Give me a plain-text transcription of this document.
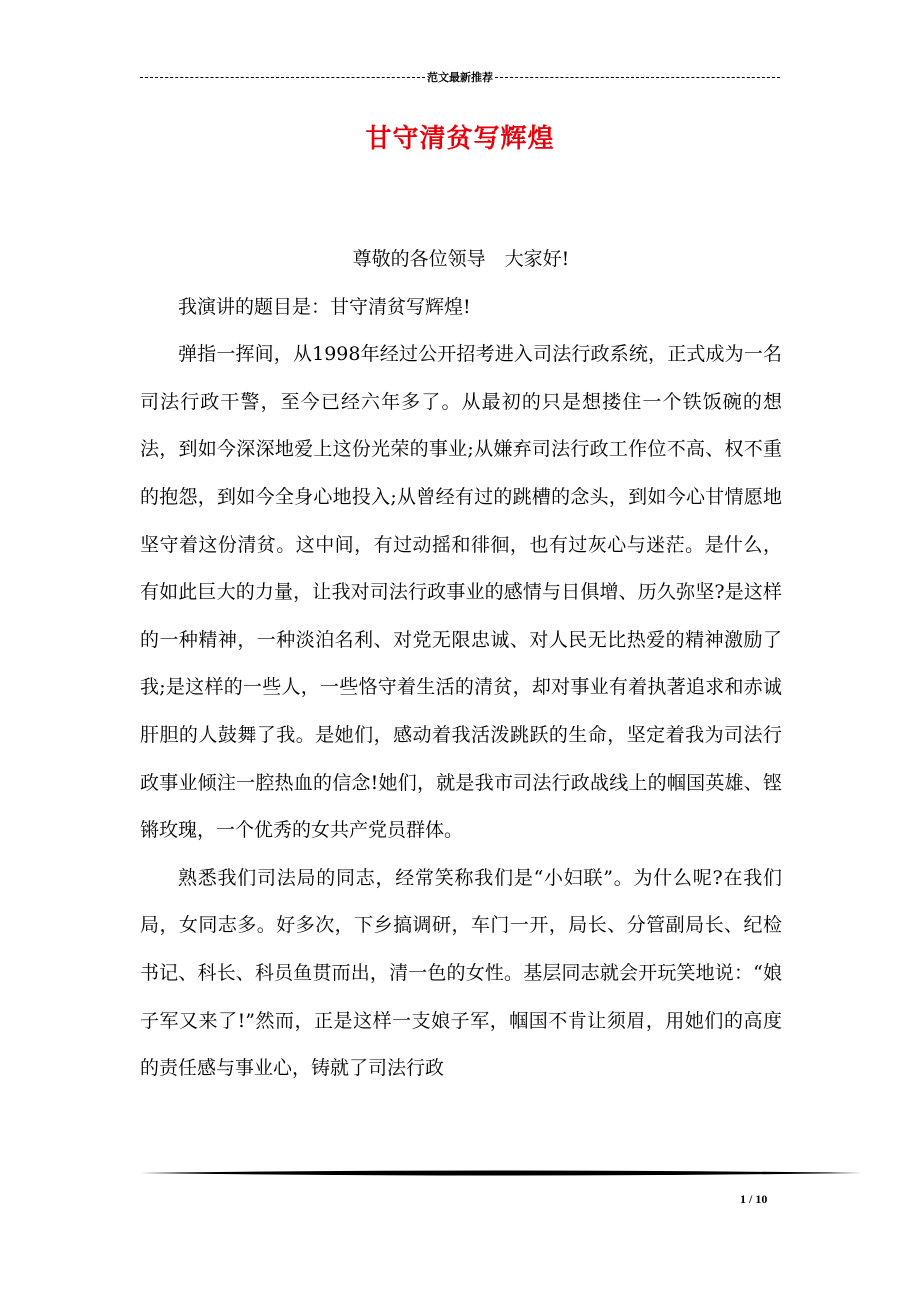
范文最新推荐
甘守清贫写辉煌

尊敬的各位领导　大家好!

我演讲的题目是：甘守清贫写辉煌!

弹指一挥间，从1998年经过公开招考进入司法行政系统，正式成为一名司法行政干警，至今已经六年多了。从最初的只是想搂住一个铁饭碗的想法，到如今深深地爱上这份光荣的事业;从嫌弃司法行政工作位不高、权不重的抱怨，到如今全身心地投入;从曾经有过的跳槽的念头，到如今心甘情愿地坚守着这份清贫。这中间，有过动摇和徘徊，也有过灰心与迷茫。是什么，有如此巨大的力量，让我对司法行政事业的感情与日俱增、历久弥坚?是这样的一种精神，一种淡泊名利、对党无限忠诚、对人民无比热爱的精神激励了我;是这样的一些人，一些恪守着生活的清贫，却对事业有着执著追求和赤诚肝胆的人鼓舞了我。是她们，感动着我活泼跳跃的生命，坚定着我为司法行政事业倾注一腔热血的信念!她们，就是我市司法行政战线上的帼国英雄、铿锵玫瑰，一个优秀的女共产党员群体。

熟悉我们司法局的同志，经常笑称我们是“小妇联”。为什么呢?在我们局，女同志多。好多次，下乡搞调研，车门一开，局长、分管副局长、纪检书记、科长、科员鱼贯而出，清一色的女性。基层同志就会开玩笑地说：“娘子军又来了!”然而，正是这样一支娘子军，帼国不肯让须眉，用她们的高度的责任感与事业心，铸就了司法行政

1 / 10
